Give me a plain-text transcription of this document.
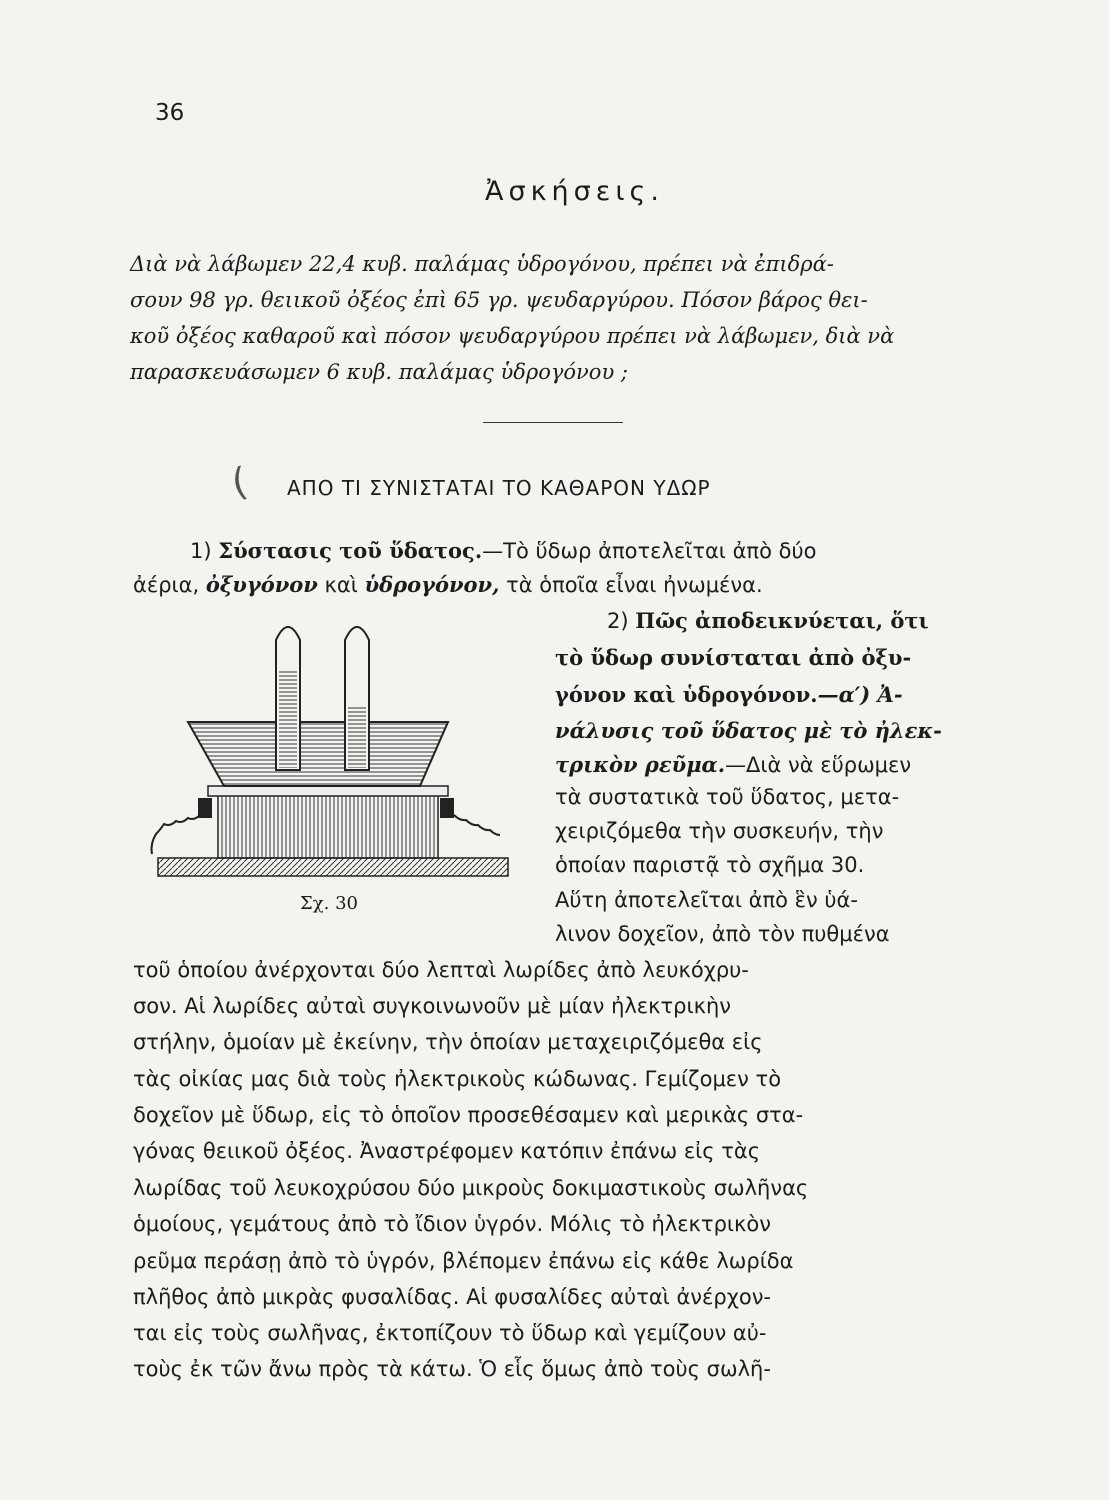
36
Ἀσκήσεις.
Διὰ νὰ λάβωμεν 22,4 κυβ. παλάμας ὑδρογόνου, πρέπει νὰ ἐπιδρά-
σουν 98 γρ. θειικοῦ ὀξέος ἐπὶ 65 γρ. ψευδαργύρου. Πόσον βάρος θει-
κοῦ ὀξέος καθαροῦ καὶ πόσον ψευδαργύρου πρέπει νὰ λάβωμεν, διὰ νὰ
παρασκευάσωμεν 6 κυβ. παλάμας ὑδρογόνου ;
( ΑΠΟ ΤΙ ΣΥΝΙΣΤΑΤΑΙ ΤΟ ΚΑΘΑΡΟΝ ΥΔΩΡ
1) Σύστασις τοῦ ὕδατος.—Τὸ ὕδωρ ἀποτελεῖται ἀπὸ δύο
ἀέρια, ὀξυγόνον καὶ ὑδρογόνον, τὰ ὁποῖα εἶναι ἠνωμένα.
2) Πῶς ἀποδεικνύεται, ὅτι
τὸ ὕδωρ συνίσταται ἀπὸ ὀξυ-
γόνον καὶ ὑδρογόνον.—α′) Ἀ-
νάλυσις τοῦ ὕδατος μὲ τὸ ἠλεκ-
τρικὸν ρεῦμα.—Διὰ νὰ εὕρωμεν
τὰ συστατικὰ τοῦ ὕδατος, μετα-
χειριζόμεθα τὴν συσκευήν, τὴν
ὁποίαν παριστᾷ τὸ σχῆμα 30.
Αὕτη ἀποτελεῖται ἀπὸ ἓν ὑά-
λινον δοχεῖον, ἀπὸ τὸν πυθμένα
Σχ. 30
τοῦ ὁποίου ἀνέρχονται δύο λεπταὶ λωρίδες ἀπὸ λευκόχρυ-
σον. Αἱ λωρίδες αὐταὶ συγκοινωνοῦν μὲ μίαν ἠλεκτρικὴν
στήλην, ὁμοίαν μὲ ἐκείνην, τὴν ὁποίαν μεταχειριζόμεθα εἰς
τὰς οἰκίας μας διὰ τοὺς ἠλεκτρικοὺς κώδωνας. Γεμίζομεν τὸ
δοχεῖον μὲ ὕδωρ, εἰς τὸ ὁποῖον προσεθέσαμεν καὶ μερικὰς στα-
γόνας θειικοῦ ὀξέος. Ἀναστρέφομεν κατόπιν ἐπάνω εἰς τὰς
λωρίδας τοῦ λευκοχρύσου δύο μικροὺς δοκιμαστικοὺς σωλῆνας
ὁμοίους, γεμάτους ἀπὸ τὸ ἴδιον ὑγρόν. Μόλις τὸ ἠλεκτρικὸν
ρεῦμα περάσῃ ἀπὸ τὸ ὑγρόν, βλέπομεν ἐπάνω εἰς κάθε λωρίδα
πλῆθος ἀπὸ μικρὰς φυσαλίδας. Αἱ φυσαλίδες αὐταὶ ἀνέρχον-
ται εἰς τοὺς σωλῆνας, ἐκτοπίζουν τὸ ὕδωρ καὶ γεμίζουν αὐ-
τοὺς ἐκ τῶν ἄνω πρὸς τὰ κάτω. Ὁ εἷς ὅμως ἀπὸ τοὺς σωλῆ-
